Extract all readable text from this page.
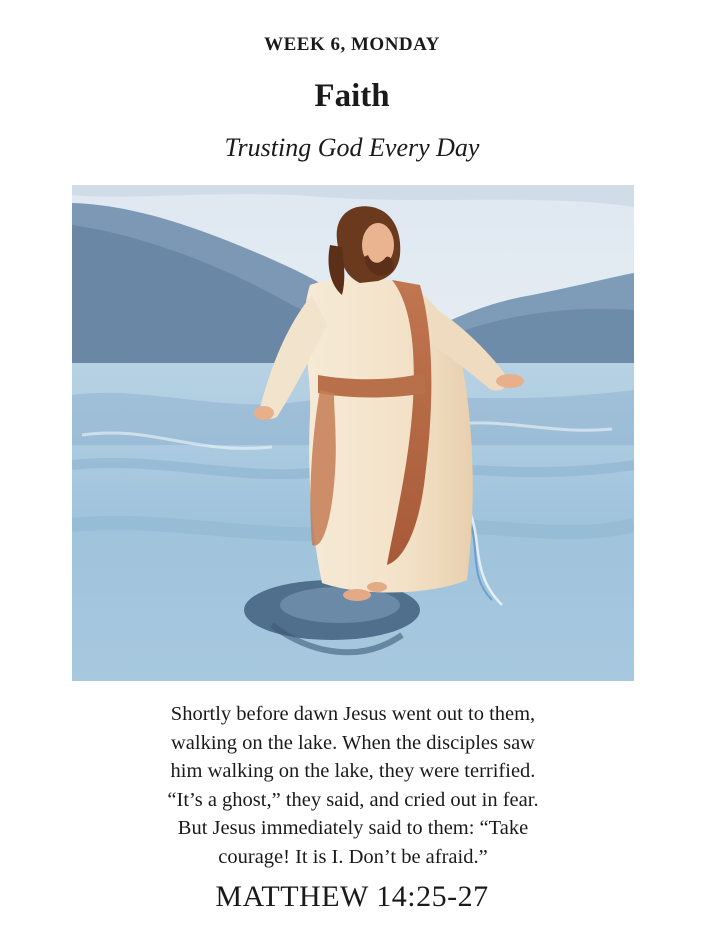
WEEK 6, MONDAY
Faith
Trusting God Every Day
Shortly before dawn Jesus went out to them,
walking on the lake. When the disciples saw
him walking on the lake, they were terrified.
“It’s a ghost,” they said, and cried out in fear.
But Jesus immediately said to them: “Take
courage! It is I. Don’t be afraid.”
MATTHEW 14:25-27
